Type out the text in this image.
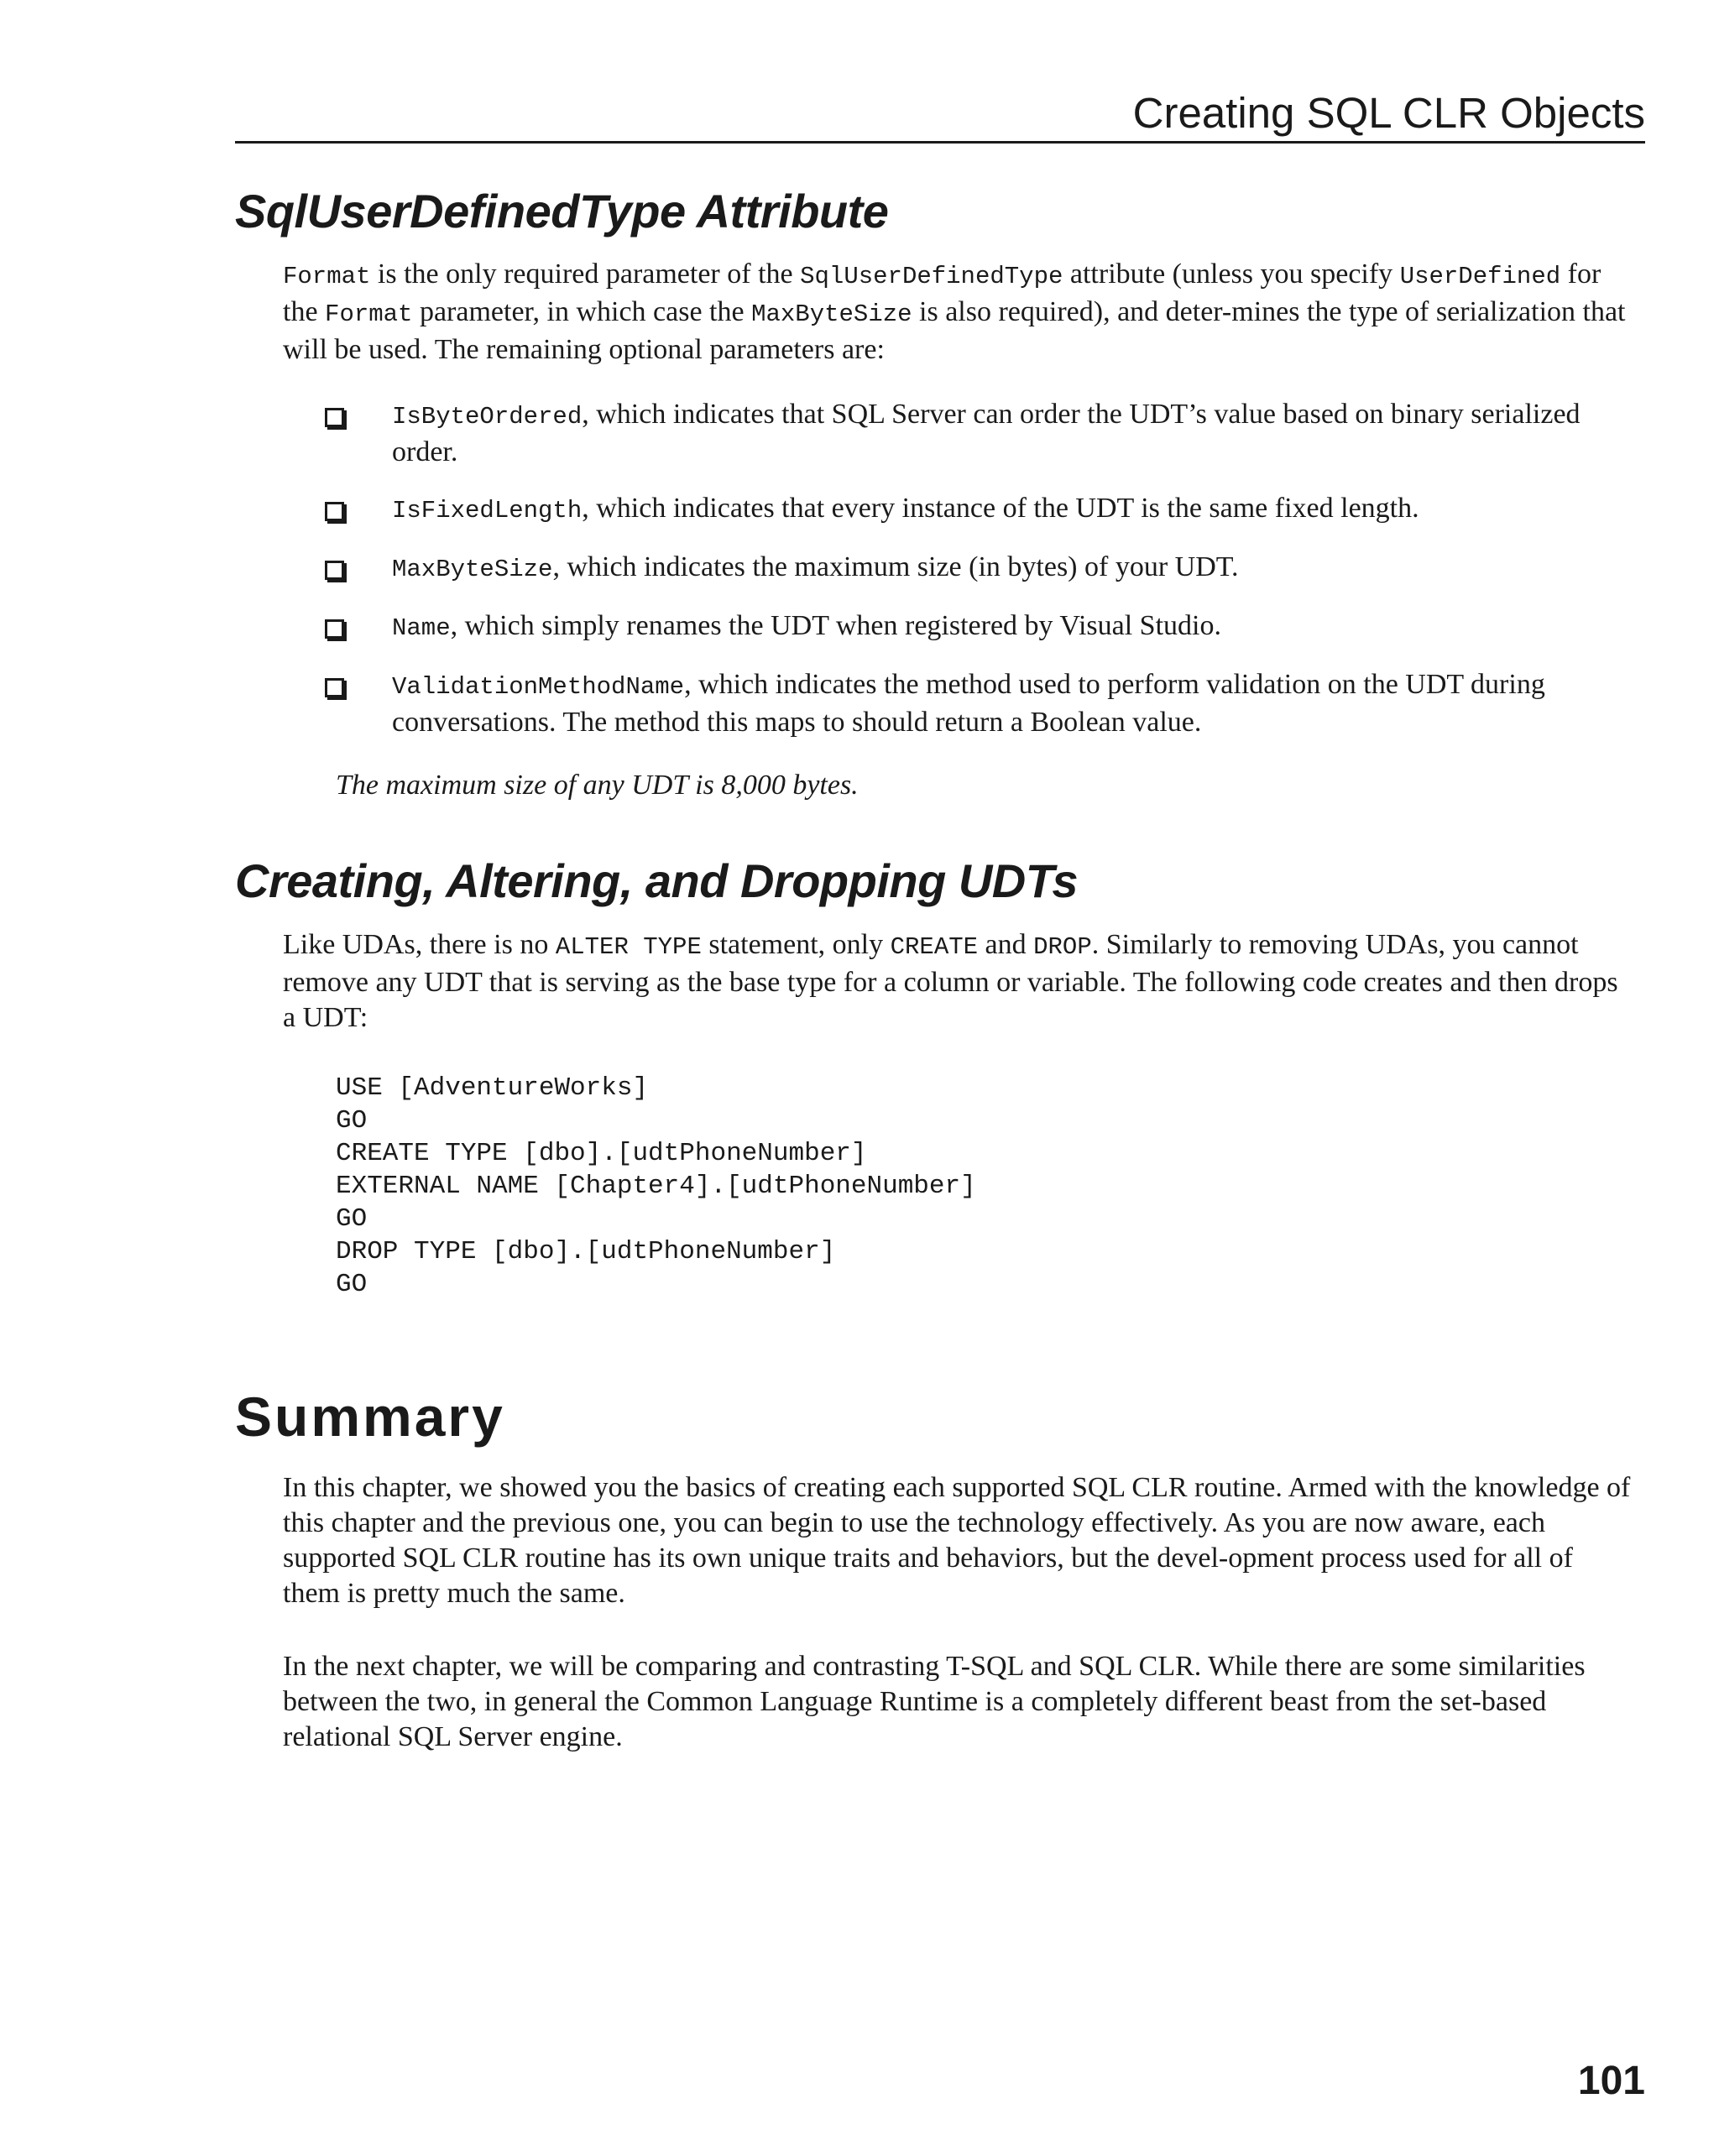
Creating SQL CLR Objects
SqlUserDefinedType Attribute

Format is the only required parameter of the SqlUserDefinedType attribute (unless you specify UserDefined for the Format parameter, in which case the MaxByteSize is also required), and deter-mines the type of serialization that will be used. The remaining optional parameters are:

IsByteOrdered, which indicates that SQL Server can order the UDT’s value based on binary serialized order.
IsFixedLength, which indicates that every instance of the UDT is the same fixed length.
MaxByteSize, which indicates the maximum size (in bytes) of your UDT.
Name, which simply renames the UDT when registered by Visual Studio.
ValidationMethodName, which indicates the method used to perform validation on the UDT during conversations. The method this maps to should return a Boolean value.

The maximum size of any UDT is 8,000 bytes.

Creating, Altering, and Dropping UDTs

Like UDAs, there is no ALTER TYPE statement, only CREATE and DROP. Similarly to removing UDAs, you cannot remove any UDT that is serving as the base type for a column or variable. The following code creates and then drops a UDT:

USE [AdventureWorks]
GO
CREATE TYPE [dbo].[udtPhoneNumber]
EXTERNAL NAME [Chapter4].[udtPhoneNumber]
GO
DROP TYPE [dbo].[udtPhoneNumber]
GO
Summary

In this chapter, we showed you the basics of creating each supported SQL CLR routine. Armed with the knowledge of this chapter and the previous one, you can begin to use the technology effectively. As you are now aware, each supported SQL CLR routine has its own unique traits and behaviors, but the devel-opment process used for all of them is pretty much the same.

In the next chapter, we will be comparing and contrasting T-SQL and SQL CLR. While there are some similarities between the two, in general the Common Language Runtime is a completely different beast from the set-based relational SQL Server engine.

101
